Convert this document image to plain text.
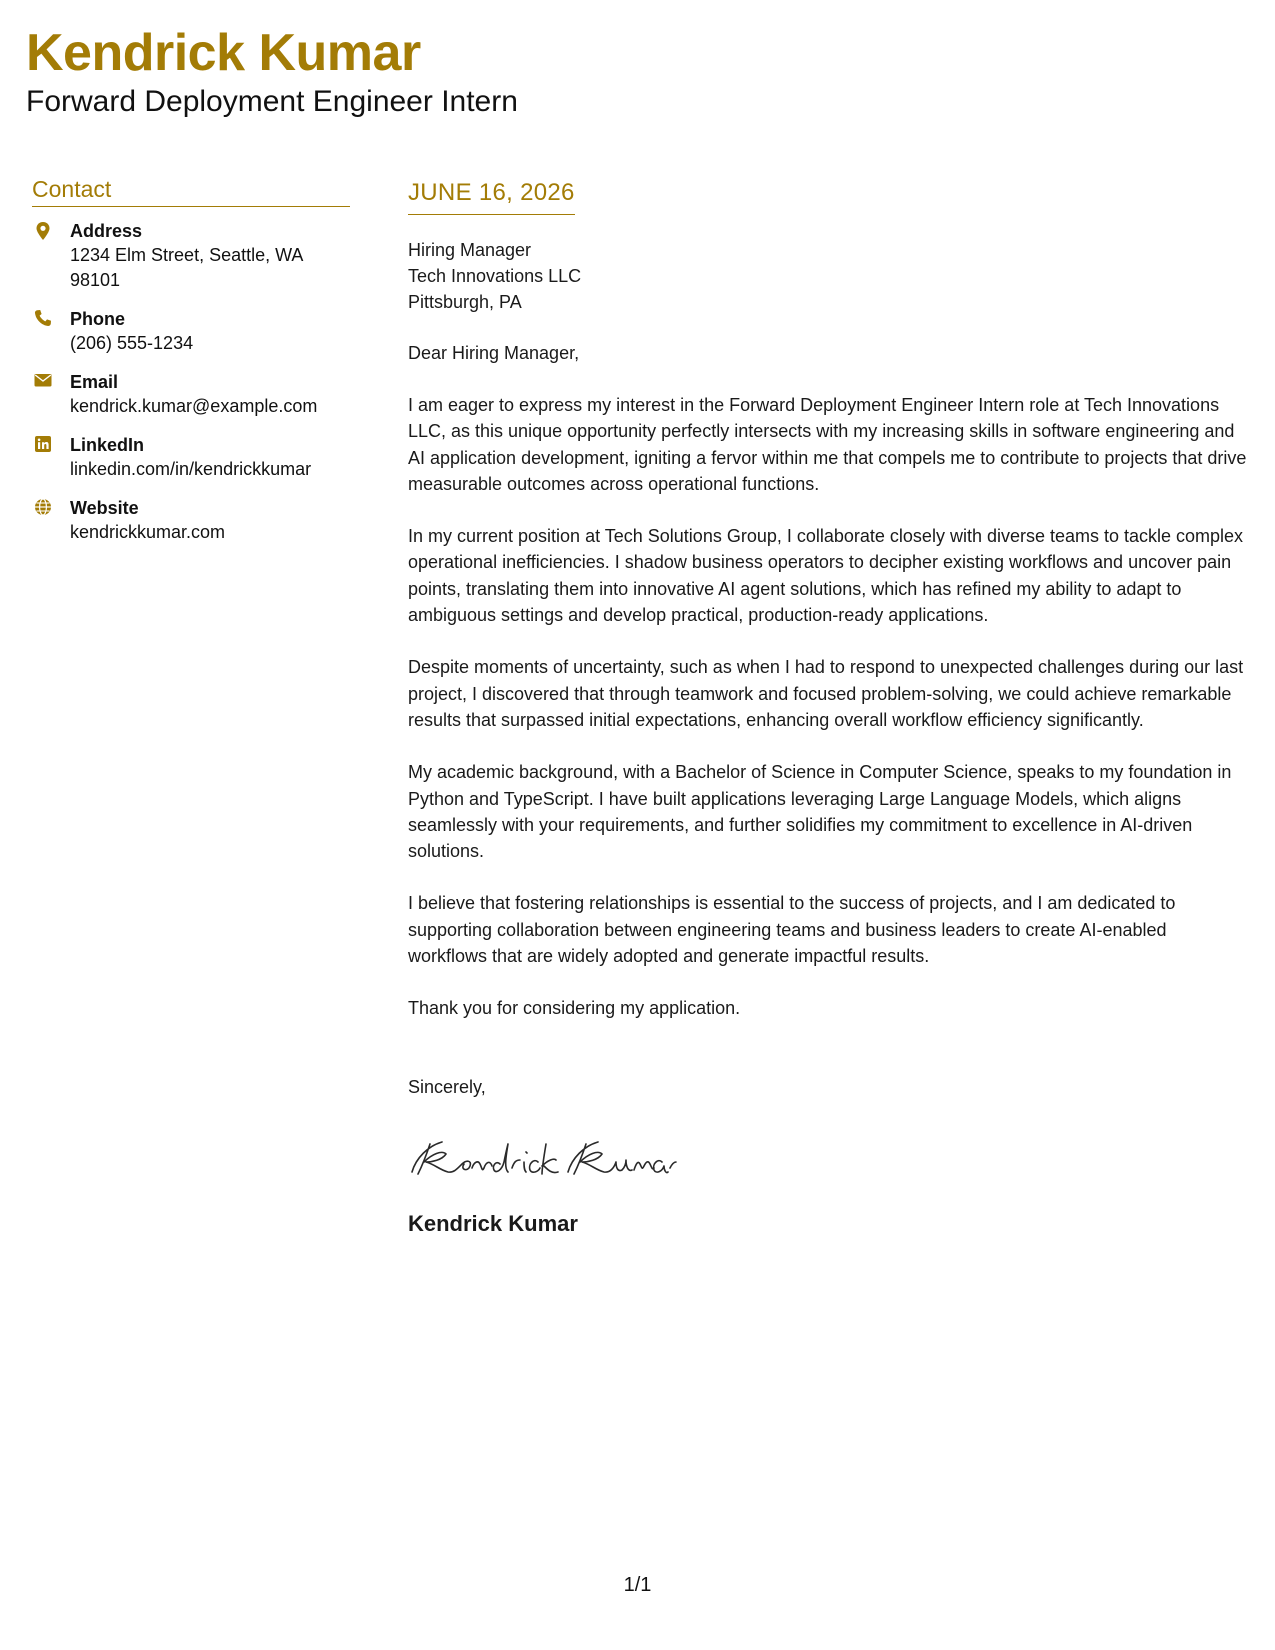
Kendrick Kumar
Forward Deployment Engineer Intern
Contact
Address
1234 Elm Street, Seattle, WA 98101
Phone
(206) 555-1234
Email
kendrick.kumar@example.com
LinkedIn
linkedin.com/in/kendrickkumar
Website
kendrickkumar.com
JUNE 16, 2026
Hiring Manager
Tech Innovations LLC
Pittsburgh, PA
Dear Hiring Manager,
I am eager to express my interest in the Forward Deployment Engineer Intern role at Tech Innovations LLC, as this unique opportunity perfectly intersects with my increasing skills in software engineering and AI application development, igniting a fervor within me that compels me to contribute to projects that drive measurable outcomes across operational functions.
In my current position at Tech Solutions Group, I collaborate closely with diverse teams to tackle complex operational inefficiencies. I shadow business operators to decipher existing workflows and uncover pain points, translating them into innovative AI agent solutions, which has refined my ability to adapt to ambiguous settings and develop practical, production-ready applications.
Despite moments of uncertainty, such as when I had to respond to unexpected challenges during our last project, I discovered that through teamwork and focused problem-solving, we could achieve remarkable results that surpassed initial expectations, enhancing overall workflow efficiency significantly.
My academic background, with a Bachelor of Science in Computer Science, speaks to my foundation in Python and TypeScript. I have built applications leveraging Large Language Models, which aligns seamlessly with your requirements, and further solidifies my commitment to excellence in AI-driven solutions.
I believe that fostering relationships is essential to the success of projects, and I am dedicated to supporting collaboration between engineering teams and business leaders to create AI-enabled workflows that are widely adopted and generate impactful results.
Thank you for considering my application.
Sincerely,
Kendrick Kumar
1/1
